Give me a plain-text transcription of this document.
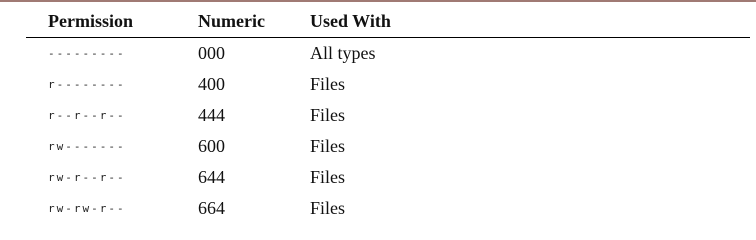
Permission	Numeric	Used With
---------	000	All types
r--------	400	Files
r--r--r--	444	Files
rw-------	600	Files
rw-r--r--	644	Files
rw-rw-r--	664	Files
